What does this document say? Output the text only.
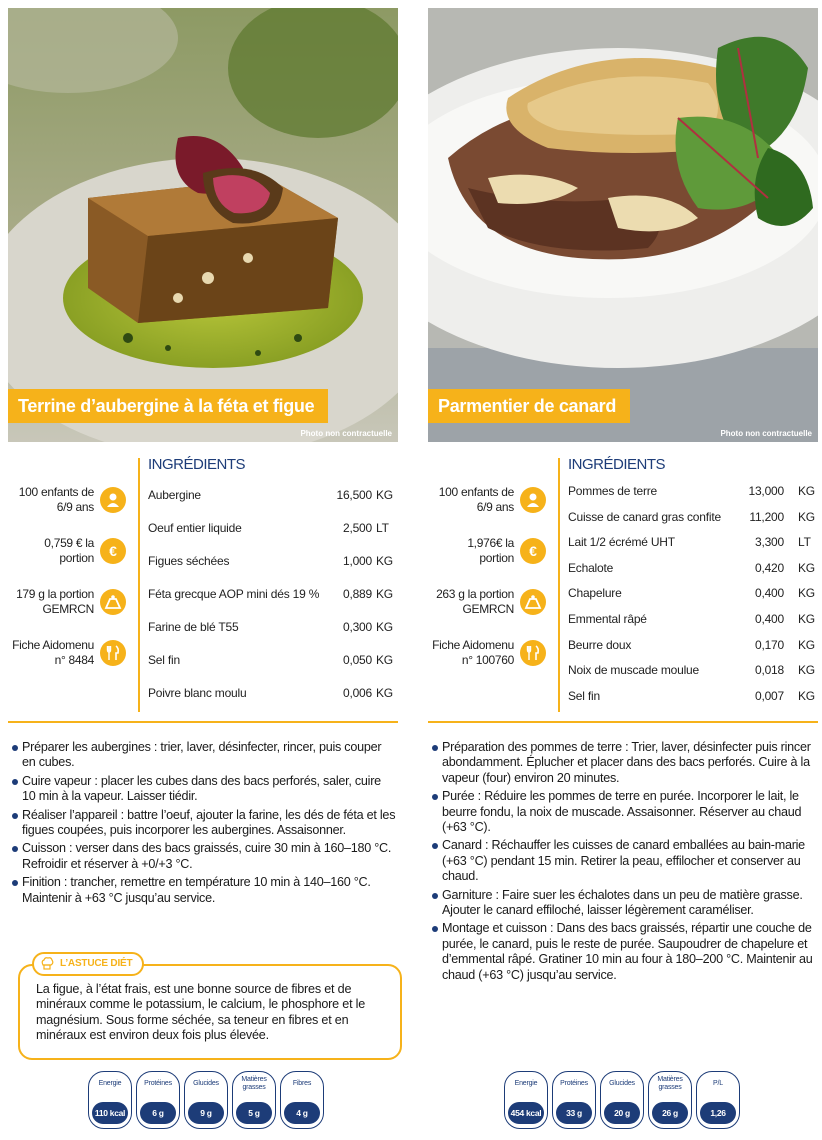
Terrine d’aubergine à la féta et figue
Photo non contractuelle
100 enfants de
6/9 ans
0,759 € la
portion €
179 g la portion
GEMRCN
Fiche Aidomenu
n° 8484
INGRÉDIENTS
Aubergine	16,500 KG
Oeuf entier liquide	2,500 LT
Figues séchées	1,000 KG
Féta grecque AOP mini dés 19 %	0,889 KG
Farine de blé T55	0,300 KG
Sel fin	0,050 KG
Poivre blanc moulu	0,006 KG
Préparer les aubergines : trier, laver, désinfecter, rincer, puis couper en cubes.
Cuire vapeur : placer les cubes dans des bacs perforés, saler, cuire 10 min à la vapeur. Laisser tiédir.
Réaliser l’appareil : battre l’oeuf, ajouter la farine, les dés de féta et les figues coupées, puis incorporer les aubergines. Assaisonner.
Cuisson : verser dans des bacs graissés, cuire 30 min à 160–180 °C. Refroidir et réserver à +0/+3 °C.
Finition : trancher, remettre en température 10 min à 140–160 °C. Maintenir à +63 °C jusqu’au service.
L’ASTUCE DIÉT
La figue, à l’état frais, est une bonne source de fibres et de minéraux comme le potassium, le calcium, le phosphore et le magnésium. Sous forme séchée, sa teneur en fibres et en minéraux est environ deux fois plus élevée.
Energie
110 kcal
Protéines
6 g
Glucides
9 g
Matières
grasses
5 g
Fibres
4 g
Parmentier de canard
Photo non contractuelle
100 enfants de
6/9 ans
1,976€ la
portion €
263 g la portion
GEMRCN
Fiche Aidomenu
n° 100760
INGRÉDIENTS
Pommes de terre	13,000	KG
Cuisse de canard gras confite	11,200	KG
Lait 1/2 écrémé UHT	3,300	LT
Echalote	0,420	KG
Chapelure	0,400	KG
Emmental râpé	0,400	KG
Beurre doux	0,170	KG
Noix de muscade moulue	0,018	KG
Sel fin	0,007	KG
Préparation des pommes de terre : Trier, laver, désinfecter puis rincer abondamment. Éplucher et placer dans des bacs perforés. Cuire à la vapeur (four) environ 20 minutes.
Purée : Réduire les pommes de terre en purée. Incorporer le lait, le beurre fondu, la noix de muscade. Assaisonner. Réserver au chaud (+63 °C).
Canard : Réchauffer les cuisses de canard emballées au bain-marie (+63 °C) pendant 15 min. Retirer la peau, effilocher et conserver au chaud.
Garniture : Faire suer les échalotes dans un peu de matière grasse. Ajouter le canard effiloché, laisser légèrement caraméliser.
Montage et cuisson : Dans des bacs graissés, répartir une couche de purée, le canard, puis le reste de purée. Saupoudrer de chapelure et d’emmental râpé. Gratiner 10 min au four à 180–200 °C. Maintenir au chaud (+63 °C) jusqu’au service.
Energie
454 kcal
Protéines
33 g
Glucides
20 g
Matières
grasses
26 g
P/L
1,26
